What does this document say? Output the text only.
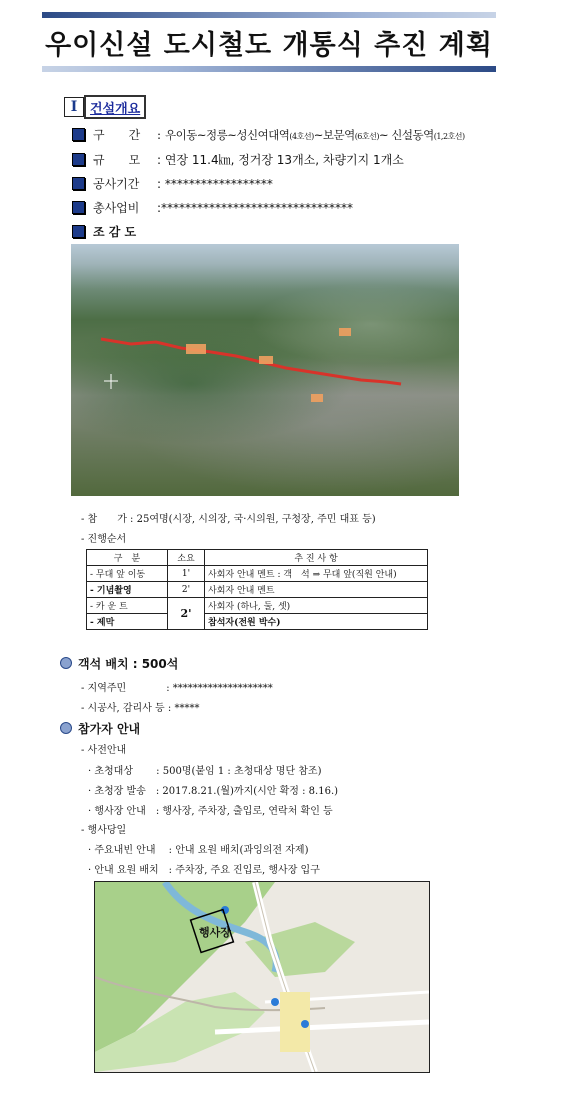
우이신설 도시철도 개통식 추진 계획
I 건설개요
구　　간	: 우이동~정릉~성신여대역(4호선)~보문역(6호선)~ 신설동역(1,2호선)
규　　모	: 연장 11.4㎞, 정거장 13개소, 차량기지 1개소
공사기간	: ******************
총사업비	:********************************
조 감 도
- 참　　가 : 25여명(시장, 시의장, 국·시의원, 구청장, 주민 대표 등)
- 진행순서
구　분	소요	추 진 사 항
- 무대 앞 이동	1'	사회자 안내 멘트 : 객　석 ⇒ 무대 앞(직원 안내)
- 기념촬영	2'	사회자 안내 멘트
- 카 운 트	2'	사회자 (하나, 둘, 셋)
- 제막		참석자(전원 박수)
객석 배치 : 500석
- 지역주민　　　　: ********************
- 시공사, 감리사 등 : *****
참가자 안내
- 사전안내
· 초청대상　　 : 500명(붙임 1 : 초청대상 명단 참조)
· 초청장 발송　: 2017.8.21.(월)까지(시안 확정 : 8.16.)
· 행사장 안내　: 행사장, 주차장, 출입로, 연락처 확인 등
- 행사당일
· 주요내빈 안내　 : 안내 요원 배치(과잉의전 자제)
· 안내 요원 배치　: 주차장, 주요 진입로, 행사장 입구
행사장
